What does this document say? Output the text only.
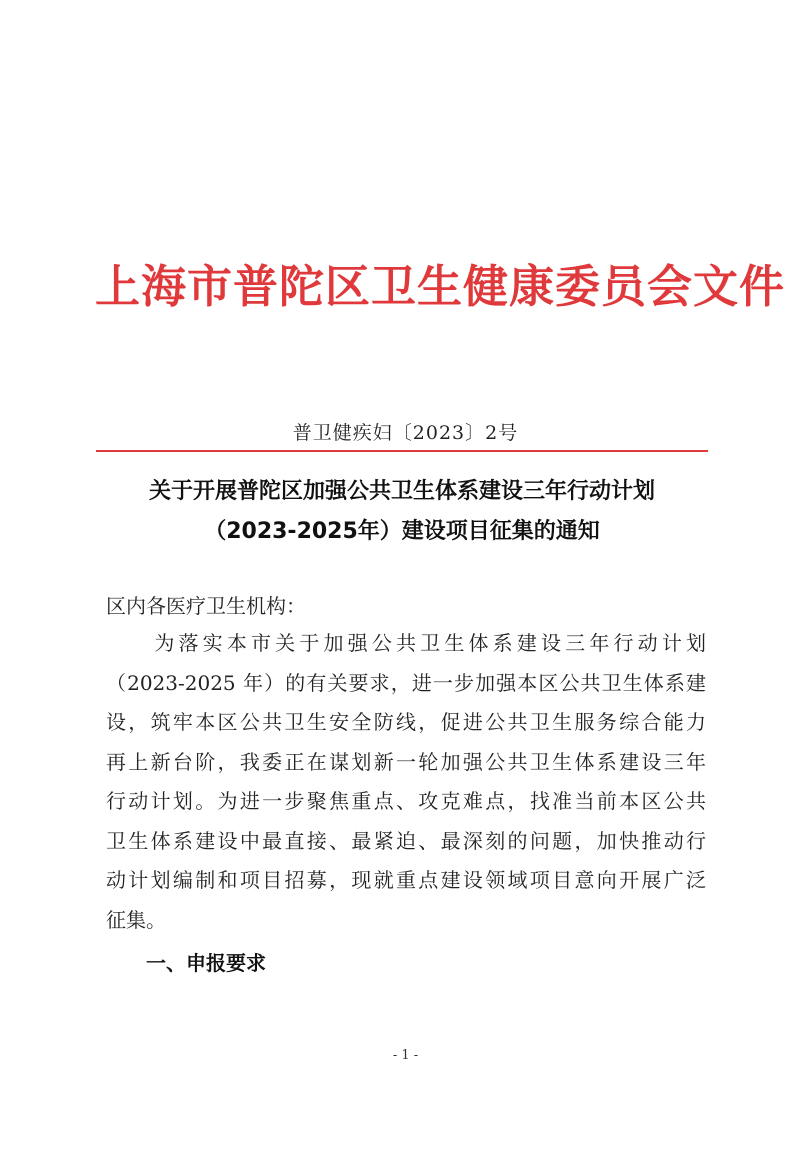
上海市普陀区卫生健康委员会文件
普卫健疾妇〔2023〕2号
关于开展普陀区加强公共卫生体系建设三年行动计划
（2023-2025年）建设项目征集的通知
区内各医疗卫生机构：
　　为落实本市关于加强公共卫生体系建设三年行动计划
（2023-2025 年）的有关要求，进一步加强本区公共卫生体系建
设，筑牢本区公共卫生安全防线，促进公共卫生服务综合能力
再上新台阶，我委正在谋划新一轮加强公共卫生体系建设三年
行动计划。为进一步聚焦重点、攻克难点，找准当前本区公共
卫生体系建设中最直接、最紧迫、最深刻的问题，加快推动行
动计划编制和项目招募，现就重点建设领域项目意向开展广泛
征集。
一、申报要求
- 1 -
